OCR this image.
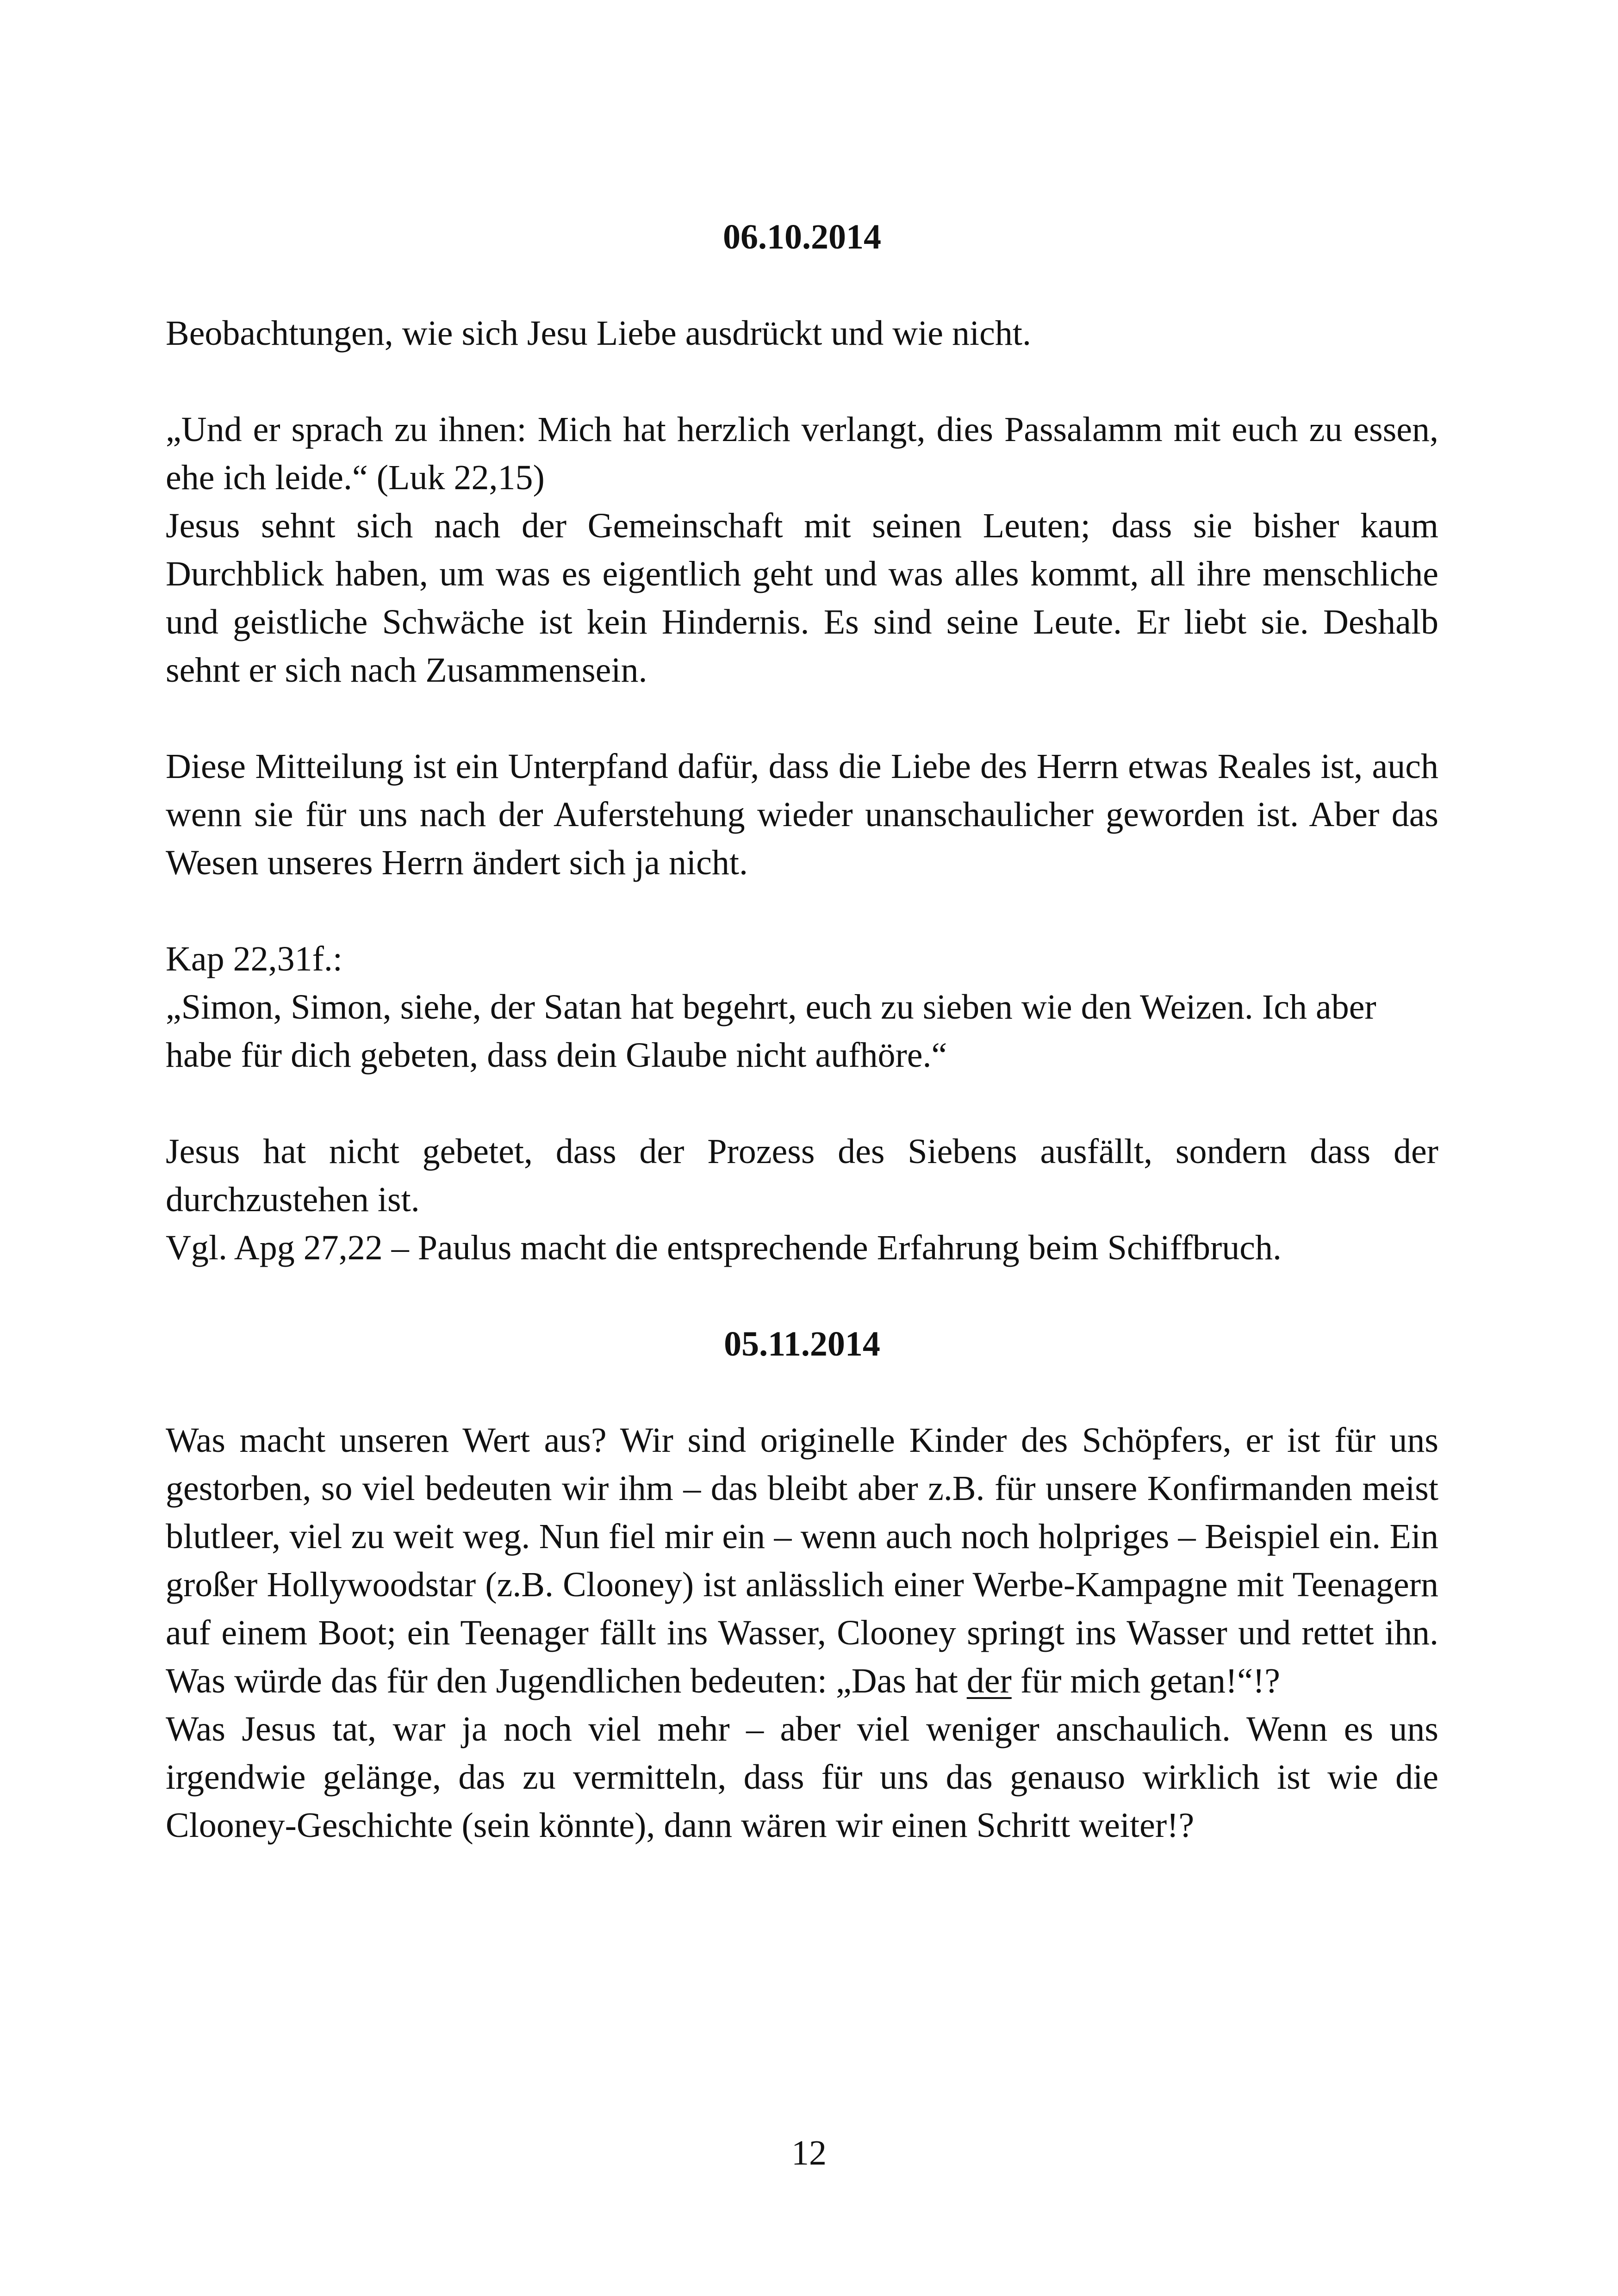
06.10.2014

Beobachtungen, wie sich Jesu Liebe ausdrückt und wie nicht.

„Und er sprach zu ihnen: Mich hat herzlich verlangt, dies Passalamm mit euch zu essen, ehe ich leide.“ (Luk 22,15)

Jesus sehnt sich nach der Gemeinschaft mit seinen Leuten; dass sie bisher kaum Durchblick haben, um was es eigentlich geht und was alles kommt, all ihre menschliche und geistliche Schwäche ist kein Hindernis. Es sind seine Leute. Er liebt sie. Deshalb sehnt er sich nach Zusammensein.

Diese Mitteilung ist ein Unterpfand dafür, dass die Liebe des Herrn etwas Reales ist, auch wenn sie für uns nach der Auferstehung wieder unanschaulicher geworden ist. Aber das Wesen unseres Herrn ändert sich ja nicht.

Kap 22,31f.:

„Simon, Simon, siehe, der Satan hat begehrt, euch zu sieben wie den Weizen. Ich aber habe für dich gebeten, dass dein Glaube nicht aufhöre.“

Jesus hat nicht gebetet, dass der Prozess des Siebens ausfällt, sondern dass der durchzustehen ist.

Vgl. Apg 27,22 – Paulus macht die entsprechende Erfahrung beim Schiffbruch.

05.11.2014

Was macht unseren Wert aus? Wir sind originelle Kinder des Schöpfers, er ist für uns gestorben, so viel bedeuten wir ihm – das bleibt aber z.B. für unsere Konfirmanden meist blutleer, viel zu weit weg. Nun fiel mir ein – wenn auch noch holpriges – Beispiel ein. Ein großer Hollywoodstar (z.B. Clooney) ist anlässlich einer Werbe-Kampagne mit Teenagern auf einem Boot; ein Teenager fällt ins Wasser, Clooney springt ins Wasser und rettet ihn. Was würde das für den Jugendlichen bedeuten: „Das hat der für mich getan!“!?

Was Jesus tat, war ja noch viel mehr – aber viel weniger anschaulich. Wenn es uns irgendwie gelänge, das zu vermitteln, dass für uns das genauso wirklich ist wie die Clooney-Geschichte (sein könnte), dann wären wir einen Schritt weiter!?

12
